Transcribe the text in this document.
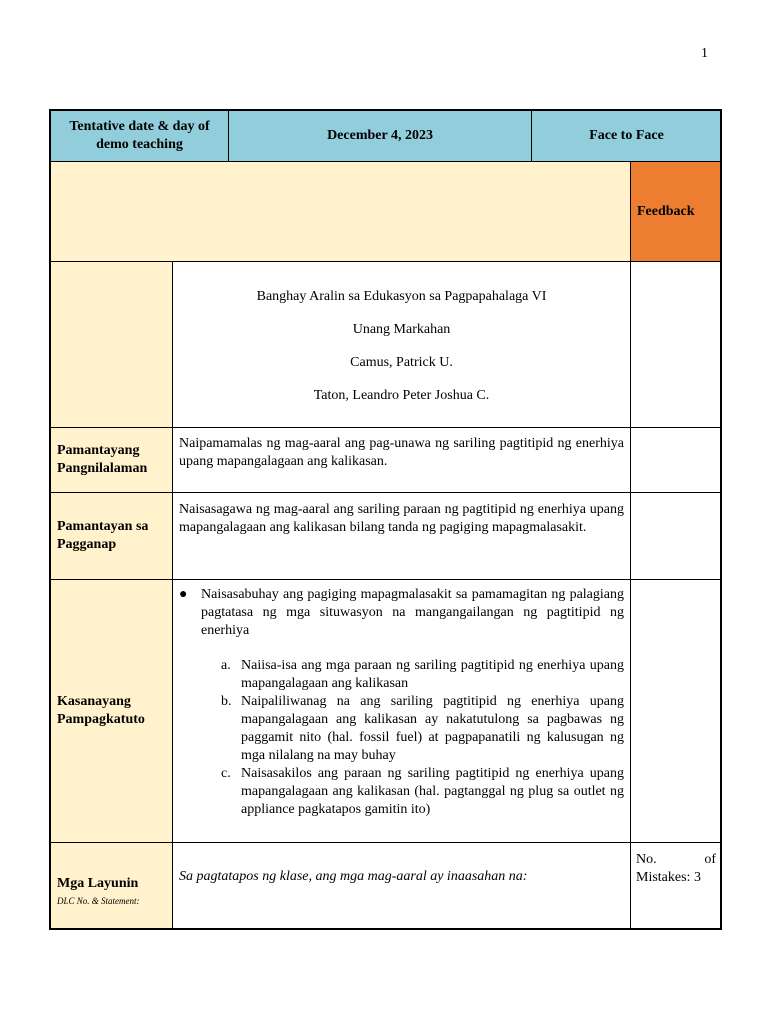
1
Tentative date & day of demo teaching
December 4, 2023	Face to Face
Feedback
Banghay Aralin sa Edukasyon sa Pagpapahalaga VI
Unang Markahan
Camus, Patrick U.
Taton, Leandro Peter Joshua C.
Pamantayang Pangnilalaman
Naipamamalas ng mag-aaral ang pag-unawa ng sariling pagtitipid ng enerhiya upang mapangalagaan ang kalikasan.
Pamantayan sa Pagganap
Naisasagawa ng mag-aaral ang sariling paraan ng pagtitipid ng enerhiya upang mapangalagaan ang kalikasan bilang tanda ng pagiging mapagmalasakit.
Kasanayang Pampagkatuto
● Naisasabuhay ang pagiging mapagmalasakit sa pamamagitan ng palagiang pagtatasa ng mga situwasyon na mangangailangan ng pagtitipid ng enerhiya
a. Naiisa-isa ang mga paraan ng sariling pagtitipid ng enerhiya upang mapangalagaan ang kalikasan
b. Naipaliliwanag na ang sariling pagtitipid ng enerhiya upang mapangalagaan ang kalikasan ay nakatutulong sa pagbawas ng paggamit nito (hal. fossil fuel) at pagpapanatili ng kalusugan ng mga nilalang na may buhay
c. Naisasakilos ang paraan ng sariling pagtitipid ng enerhiya upang mapangalagaan ang kalikasan (hal. pagtanggal ng plug sa outlet ng appliance pagkatapos gamitin ito)
Mga Layunin
DLC No. & Statement:
Sa pagtatapos ng klase, ang mga mag-aaral ay inaasahan na:
No. of Mistakes: 3
